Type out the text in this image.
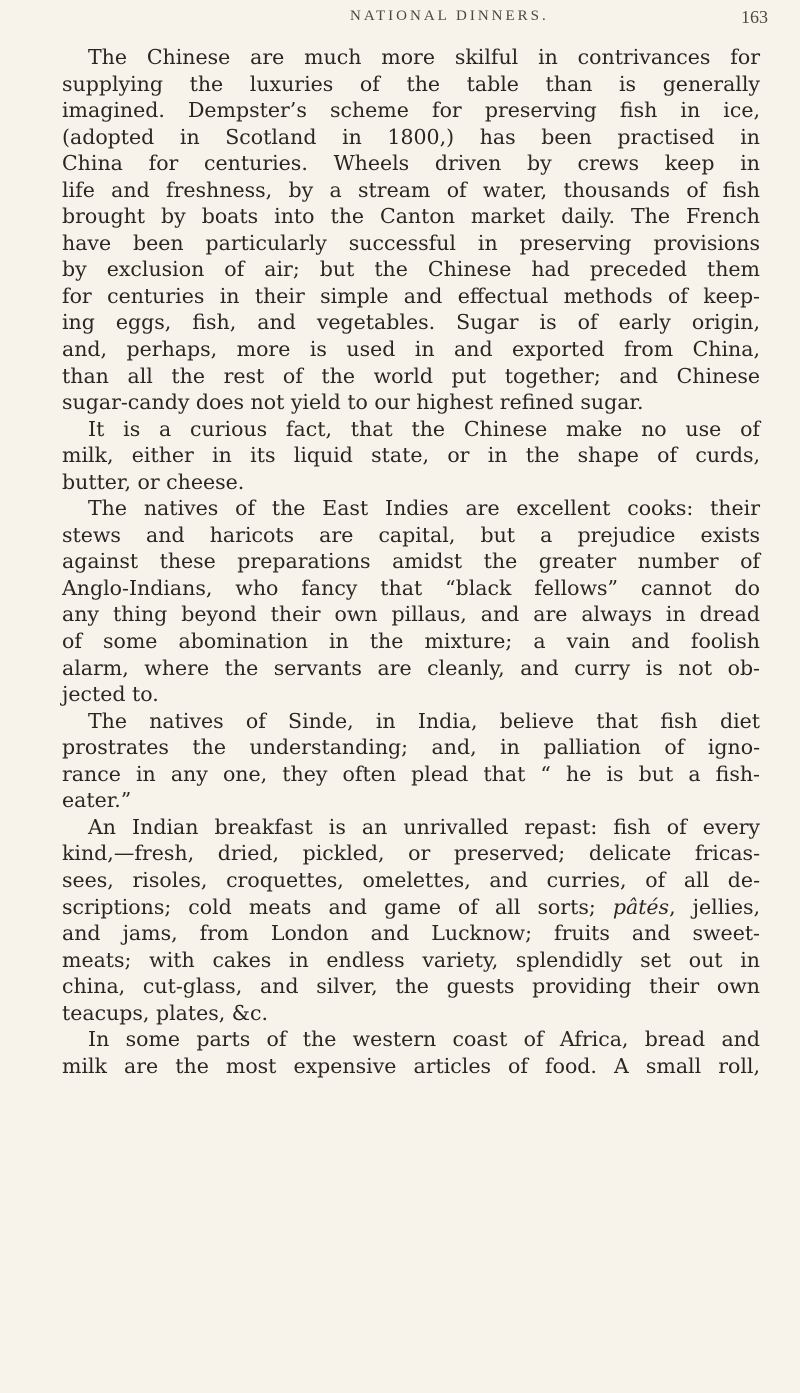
NATIONAL DINNERS.	163
The Chinese are much more skilful in contrivances for
supplying the luxuries of the table than is generally
imagined. Dempster’s scheme for preserving fish in ice,
(adopted in Scotland in 1800,) has been practised in
China for centuries. Wheels driven by crews keep in
life and freshness, by a stream of water, thousands of fish
brought by boats into the Canton market daily. The French
have been particularly successful in preserving provisions
by exclusion of air; but the Chinese had preceded them
for centuries in their simple and effectual methods of keep-
ing eggs, fish, and vegetables. Sugar is of early origin,
and, perhaps, more is used in and exported from China,
than all the rest of the world put together; and Chinese
sugar-candy does not yield to our highest refined sugar.
It is a curious fact, that the Chinese make no use of
milk, either in its liquid state, or in the shape of curds,
butter, or cheese.
The natives of the East Indies are excellent cooks: their
stews and haricots are capital, but a prejudice exists
against these preparations amidst the greater number of
Anglo-Indians, who fancy that “black fellows” cannot do
any thing beyond their own pillaus, and are always in dread
of some abomination in the mixture; a vain and foolish
alarm, where the servants are cleanly, and curry is not ob-
jected to.
The natives of Sinde, in India, believe that fish diet
prostrates the understanding; and, in palliation of igno-
rance in any one, they often plead that “ he is but a fish-
eater.”
An Indian breakfast is an unrivalled repast: fish of every
kind,—fresh, dried, pickled, or preserved; delicate fricas-
sees, risoles, croquettes, omelettes, and curries, of all de-
scriptions; cold meats and game of all sorts; pâtés, jellies,
and jams, from London and Lucknow; fruits and sweet-
meats; with cakes in endless variety, splendidly set out in
china, cut-glass, and silver, the guests providing their own
teacups, plates, &c.
In some parts of the western coast of Africa, bread and
milk are the most expensive articles of food. A small roll,
